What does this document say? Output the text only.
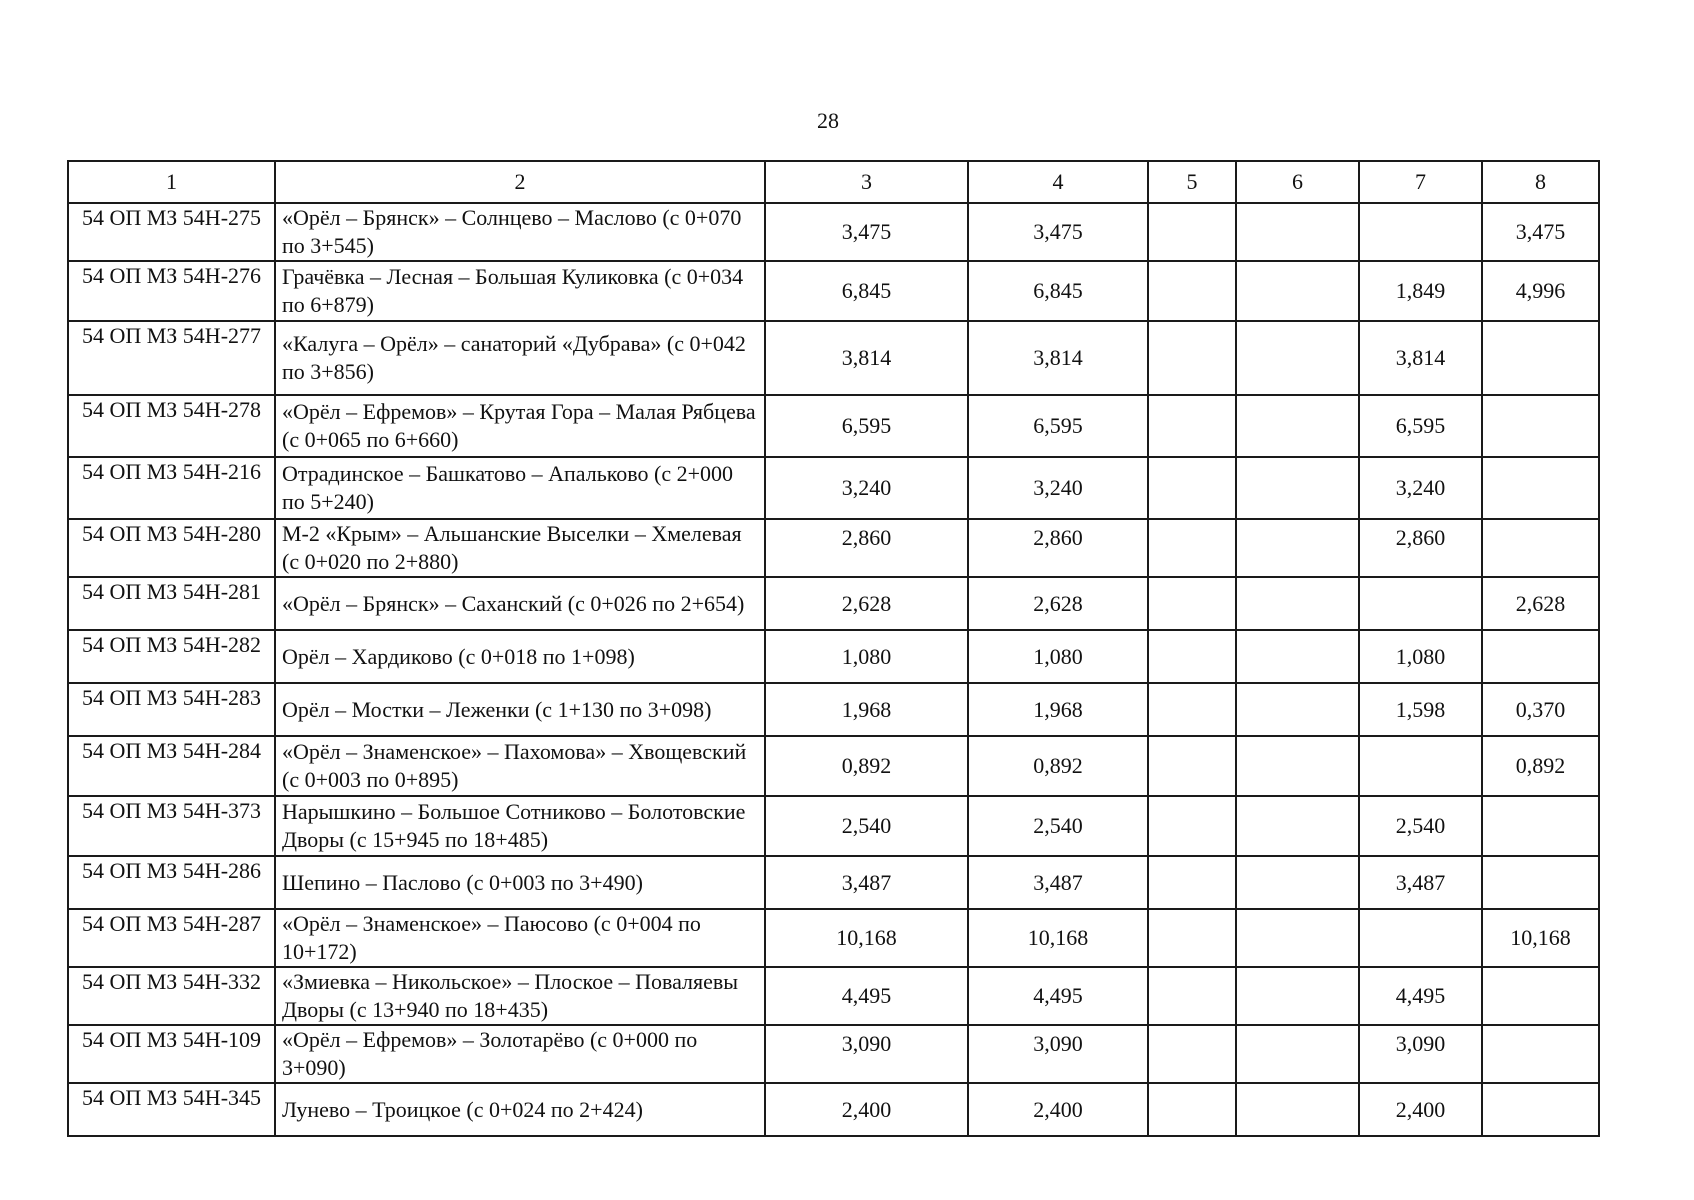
28
1	2	3	4	5	6	7	8
54 ОП МЗ 54Н-275	«Орёл – Брянск» – Солнцево – Маслово (с 0+070 по 3+545)	3,475	3,475				3,475
54 ОП МЗ 54Н-276	Грачёвка – Лесная – Большая Куликовка (с 0+034 по 6+879)	6,845	6,845			1,849	4,996
54 ОП МЗ 54Н-277	«Калуга – Орёл» – санаторий «Дубрава» (с 0+042 по 3+856)	3,814	3,814			3,814	
54 ОП МЗ 54Н-278	«Орёл – Ефремов» – Крутая Гора – Малая Рябцева (с 0+065 по 6+660)	6,595	6,595			6,595	
54 ОП МЗ 54Н-216	Отрадинское – Башкатово – Апальково (с 2+000 по 5+240)	3,240	3,240			3,240	
54 ОП МЗ 54Н-280	М-2 «Крым» – Альшанские Выселки – Хмелевая (с 0+020 по 2+880)	2,860	2,860			2,860	
54 ОП МЗ 54Н-281	«Орёл – Брянск» – Саханский (с 0+026 по 2+654)	2,628	2,628				2,628
54 ОП МЗ 54Н-282	Орёл – Хардиково (с 0+018 по 1+098)	1,080	1,080			1,080	
54 ОП МЗ 54Н-283	Орёл – Мостки – Леженки (с 1+130 по 3+098)	1,968	1,968			1,598	0,370
54 ОП МЗ 54Н-284	«Орёл – Знаменское» – Пахомова» – Хвощевский (с 0+003 по 0+895)	0,892	0,892				0,892
54 ОП МЗ 54Н-373	Нарышкино – Большое Сотниково – Болотовские Дворы (с 15+945 по 18+485)	2,540	2,540			2,540	
54 ОП МЗ 54Н-286	Шепино – Паслово (с 0+003 по 3+490)	3,487	3,487			3,487	
54 ОП МЗ 54Н-287	«Орёл – Знаменское» – Паюсово (с 0+004 по 10+172)	10,168	10,168				10,168
54 ОП МЗ 54Н-332	«Змиевка – Никольское» – Плоское – Поваляевы Дворы (с 13+940 по 18+435)	4,495	4,495			4,495	
54 ОП МЗ 54Н-109	«Орёл – Ефремов» – Золотарёво (с 0+000 по 3+090)	3,090	3,090			3,090	
54 ОП МЗ 54Н-345	Лунево – Троицкое (с 0+024 по 2+424)	2,400	2,400			2,400	
